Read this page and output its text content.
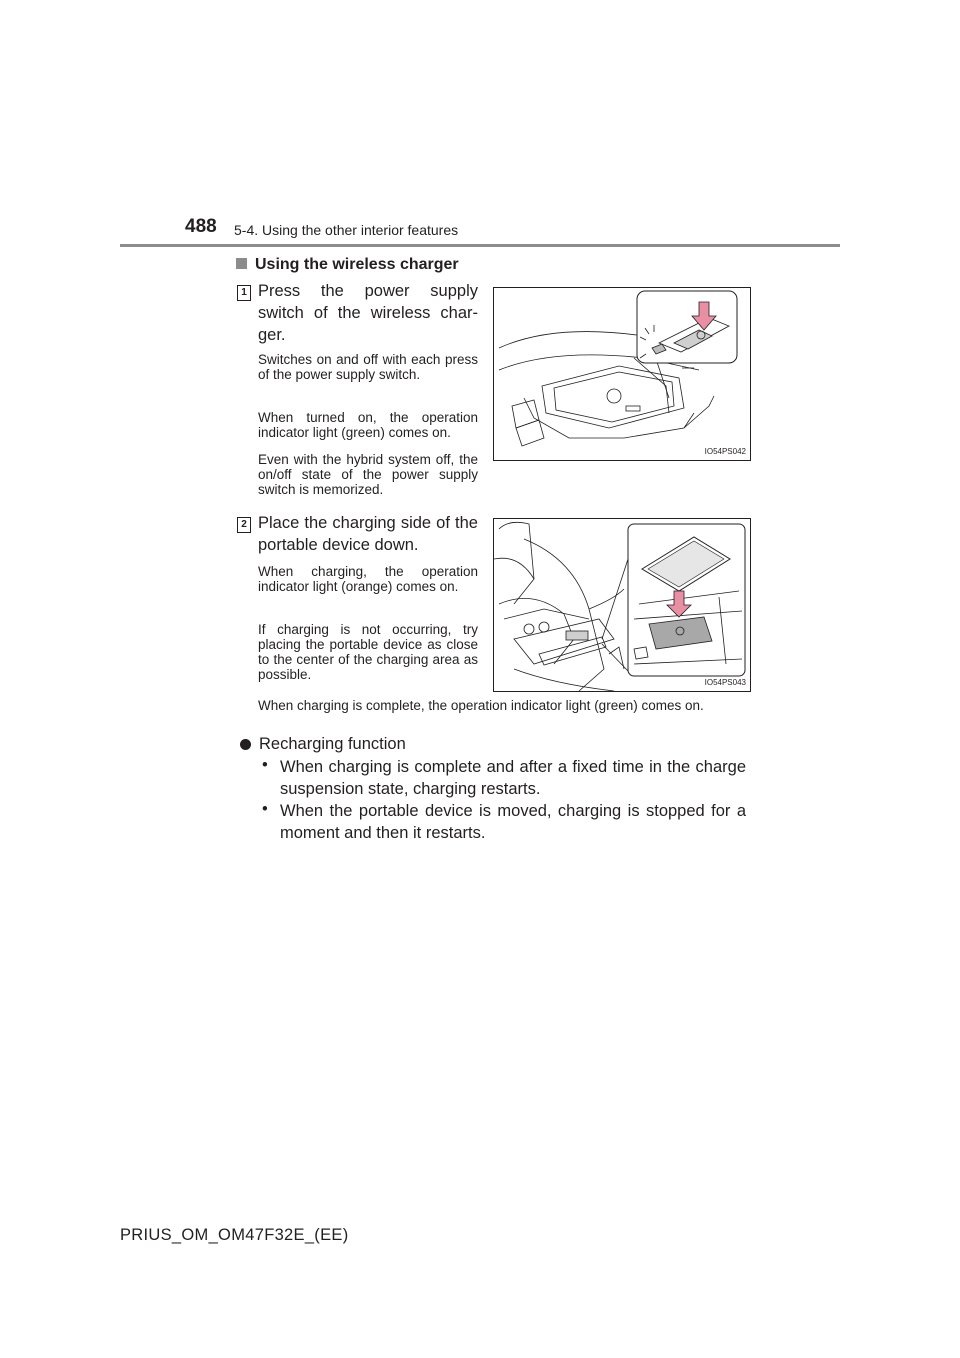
488 5-4. Using the other interior features
Using the wireless charger
1 Press the power supply switch of the wireless char-ger.
Switches on and off with each press of the power supply switch.
When turned on, the operation indicator light (green) comes on.
Even with the hybrid system off, the on/off state of the power supply switch is memorized.
IO54PS042
2 Place the charging side of the portable device down.
When charging, the operation indicator light (orange) comes on.
If charging is not occurring, try placing the portable device as close to the center of the charging area as possible.
IO54PS043
When charging is complete, the operation indicator light (green) comes on.
Recharging function
• When charging is complete and after a fixed time in the charge suspension state, charging restarts.
• When the portable device is moved, charging is stopped for a moment and then it restarts.
PRIUS_OM_OM47F32E_(EE)
